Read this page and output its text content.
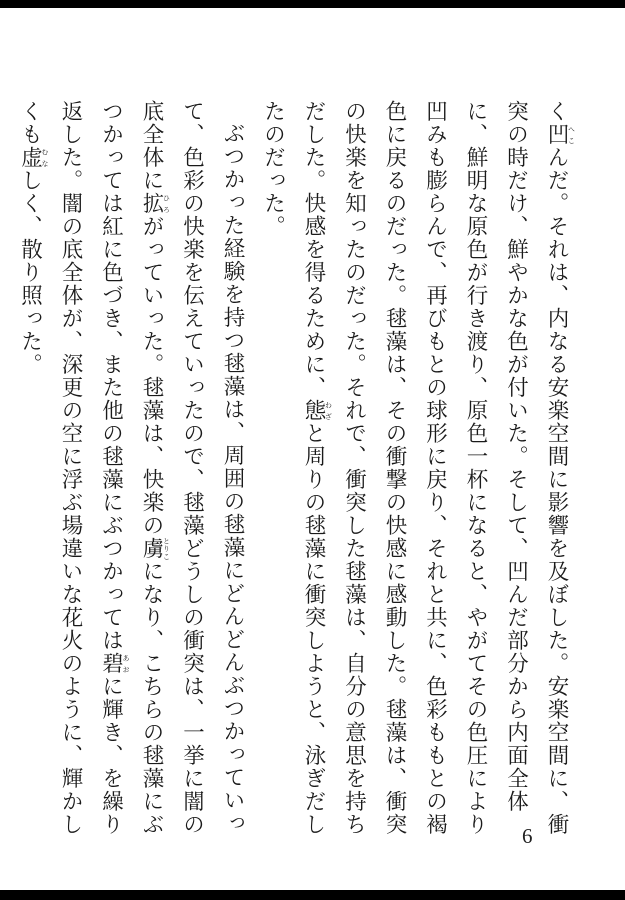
く凹へこんだ。それは、内なる安楽空間に影響を及ぼした。安楽空間に、衝突の時だけ、鮮やかな色が付いた。そして、凹んだ部分から内面全体に、鮮明な原色が行き渡り、原色一杯になると、やがてその色圧により凹みも膨らんで、再びもとの球形に戻り、それと共に、色彩ももとの褐色に戻るのだった。毬藻は、その衝撃の快感に感動した。毬藻は、衝突の快楽を知ったのだった。それで、衝突した毬藻は、自分の意思を持ちだした。快感を得るために、態わざと周りの毬藻に衝突しようと、泳ぎだしたのだった。

ぶつかった経験を持つ毬藻は、周囲の毬藻にどんどんぶつかっていって、色彩の快楽を伝えていったので、毬藻どうしの衝突は、一挙に闇の底全体に拡ひろがっていった。毬藻は、快楽の虜とりこになり、こちらの毬藻にぶつかっては紅に色づき、また他の毬藻にぶつかっては碧あおに輝き、を繰り返した。闇の底全体が、深更の空に浮ぶ場違いな花火のように、輝かしくも虚むなしく、散り照った。

6
